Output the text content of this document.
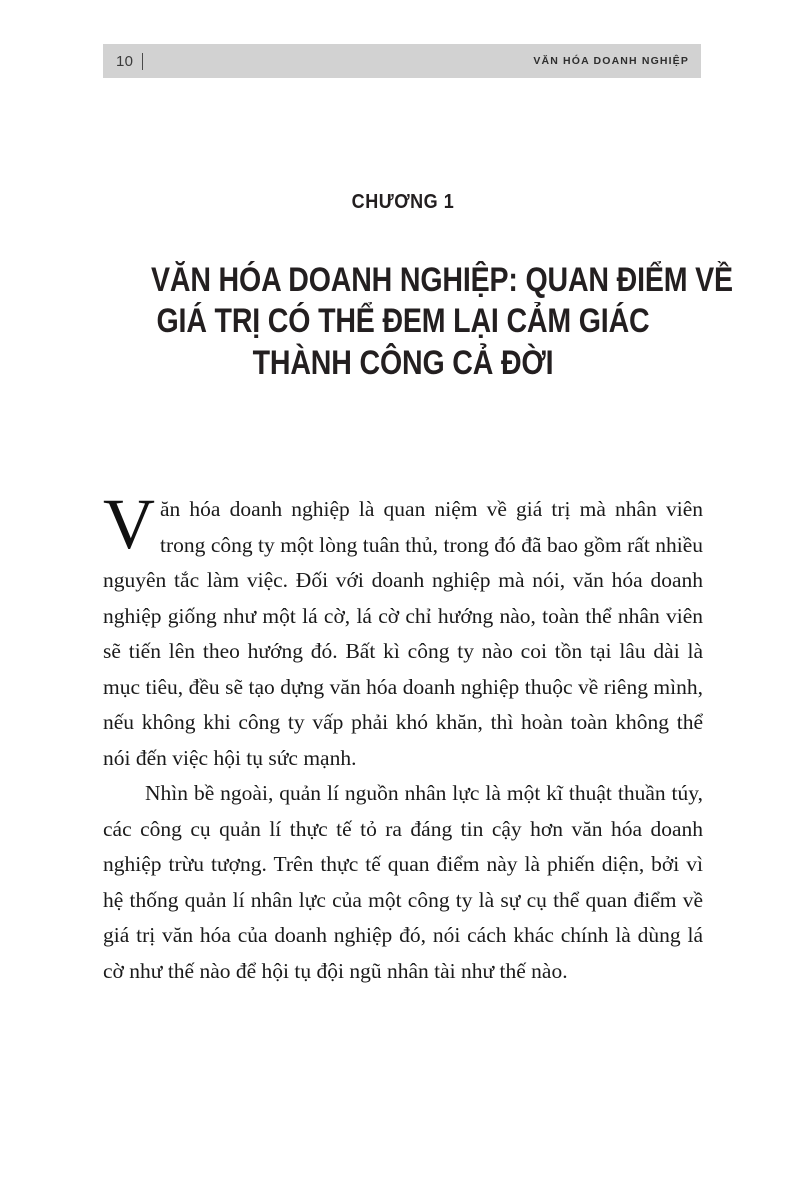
10	VĂN HÓA DOANH NGHIỆP

CHƯƠNG 1

VĂN HÓA DOANH NGHIỆP: QUAN ĐIỂM VỀ
GIÁ TRỊ CÓ THỂ ĐEM LẠI CẢM GIÁC
THÀNH CÔNG CẢ ĐỜI

Văn hóa doanh nghiệp là quan niệm về giá trị mà nhân viên trong công ty một lòng tuân thủ, trong đó đã bao gồm rất nhiều nguyên tắc làm việc. Đối với doanh nghiệp mà nói, văn hóa doanh nghiệp giống như một lá cờ, lá cờ chỉ hướng nào, toàn thể nhân viên sẽ tiến lên theo hướng đó. Bất kì công ty nào coi tồn tại lâu dài là mục tiêu, đều sẽ tạo dựng văn hóa doanh nghiệp thuộc về riêng mình, nếu không khi công ty vấp phải khó khăn, thì hoàn toàn không thể nói đến việc hội tụ sức mạnh.

Nhìn bề ngoài, quản lí nguồn nhân lực là một kĩ thuật thuần túy, các công cụ quản lí thực tế tỏ ra đáng tin cậy hơn văn hóa doanh nghiệp trừu tượng. Trên thực tế quan điểm này là phiến diện, bởi vì hệ thống quản lí nhân lực của một công ty là sự cụ thể quan điểm về giá trị văn hóa của doanh nghiệp đó, nói cách khác chính là dùng lá cờ như thế nào để hội tụ đội ngũ nhân tài như thế nào.
